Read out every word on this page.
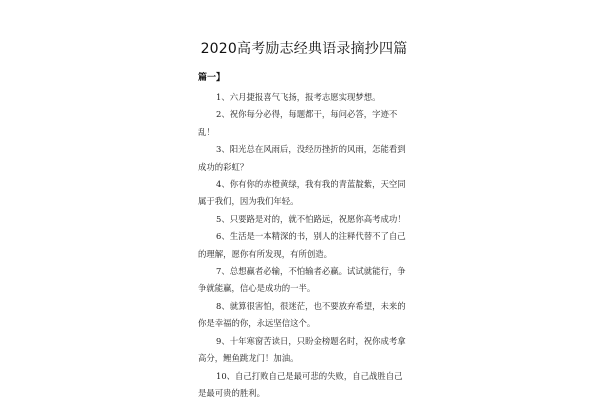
2020高考励志经典语录摘抄四篇
篇一】

1、六月捷报喜气飞扬，报考志愿实现梦想。

2、祝你每分必得，每题都干，每问必答，字迹不乱！

3、阳光总在风雨后，没经历挫折的风雨，怎能看到成功的彩虹？

4、你有你的赤橙黄绿，我有我的青蓝靛紫，天空同属于我们，因为我们年轻。

5、只要路是对的，就不怕路远，祝愿你高考成功！

6、生活是一本精深的书，别人的注释代替不了自己的理解，愿你有所发现，有所创造。

7、总想赢者必输，不怕输者必赢。试试就能行，争争就能赢，信心是成功的一半。

8、就算很害怕，很迷茫，也不要放弃希望，未来的你是幸福的你，永远坚信这个。

9、十年寒窗苦读日，只盼金榜题名时，祝你成考拿高分，鲤鱼跳龙门！加油。

10、自己打败自己是最可悲的失败，自己战胜自己是最可贵的胜利。
